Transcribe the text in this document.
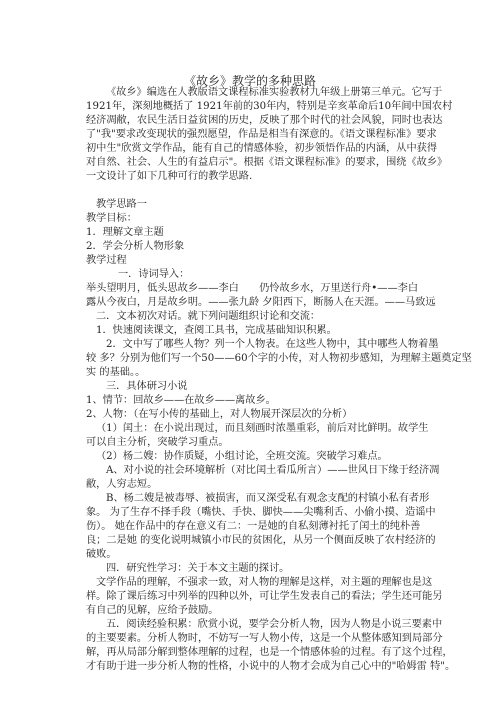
《故乡》教学的多种思路
《故乡》编选在人教版语文课程标准实验教材九年级上册第三单元。它写于
1921年，深刻地概括了 1921年前的30年内，特别是辛亥革命后10年间中国农村
经济凋敝，农民生活日益贫困的历史，反映了那个时代的社会风貌，同时也表达
了"我"要求改变现状的强烈愿望，作品是相当有深意的。《语文课程标准》要求
初中生"欣赏文学作品，能有自己的情感体验，初步领悟作品的内涵，从中获得
对自然、社会、人生的有益启示"。根据《语文课程标准》的要求，围绕《故乡》
一文设计了如下几种可行的教学思路.
教学思路一
教学目标：
1．理解文章主题
2．学会分析人物形象
教学过程
一．诗词导入：
举头望明月，低头思故乡——李白　　仍怜故乡水，万里送行舟•——李白
露从今夜白，月是故乡明。——张九龄 夕阳西下，断肠人在天涯。——马致远
二．文本初次对话。就下列问题组织讨论和交流：
1．快速阅读课文，查阅工具书，完成基础知识积累。
2．文中写了哪些人物？列一个人物表。在这些人物中，其中哪些人物着墨
较 多？分别为他们写一个50——60个字的小传，对人物初步感知，为理解主题奠定坚
实 的基础。。
三．具体研习小说
1、情节：回故乡——在故乡——离故乡。
2、人物：（在写小传的基础上，对人物展开深层次的分析）
（1）闰土：在小说出现过，而且刻画时浓墨重彩，前后对比鲜明。故学生
可以自主分析，突破学习重点。
（2）杨二嫂：协作质疑，小组讨论，全班交流。突破学习难点。
A、对小说的社会环境解析（对比闰土看瓜所言）——世风日下缘于经济凋
敝，人穷志短。
B、杨二嫂是被毒辱、被损害，而又深受私有观念支配的村镇小私有者形
象。 为了生存不择手段（嘴快、手快、脚快——尖嘴利舌、小偷小摸、造谣中
伤）。 她在作品中的存在意义有二：一是她的自私刻薄衬托了闰土的纯朴善
良；二是她 的变化说明城镇小市民的贫困化，从另一个侧面反映了农村经济的
破败。
四．研究性学习：关于本文主题的探讨。
文学作品的理解，不强求一致，对人物的理解是这样，对主题的理解也是这
样。除了课后练习中列举的四种以外，可让学生发表自己的看法；学生还可能另
有自己的见解，应给予鼓励。
五．阅读经验积累：欣赏小说，要学会分析人物，因为人物是小说三要素中
的主要要素。分析人物时，不妨写一写人物小传，这是一个从整体感知到局部分
解，再从局部分解到整体理解的过程，也是一个情感体验的过程。有了这个过程，
才有助于进一步分析人物的性格，小说中的人物才会成为自己心中的"哈姆雷 特"。
